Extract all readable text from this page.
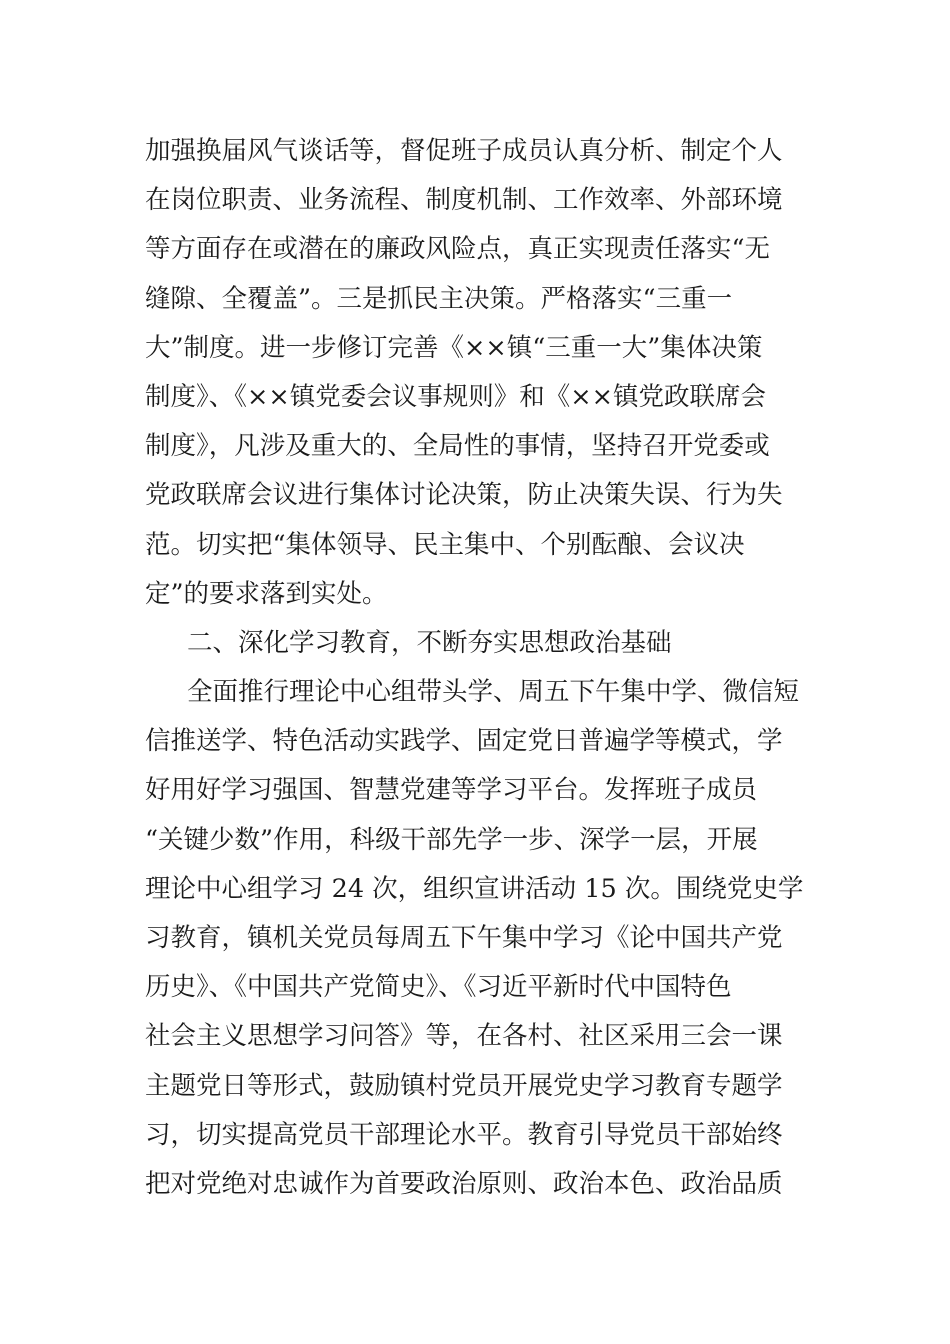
加强换届风气谈话等，督促班子成员认真分析、制定个人
在岗位职责、业务流程、制度机制、工作效率、外部环境
等方面存在或潜在的廉政风险点，真正实现责任落实“无
缝隙、全覆盖”。三是抓民主决策。严格落实“三重一
大”制度。进一步修订完善《××镇“三重一大”集体决策
制度》、《××镇党委会议事规则》和《××镇党政联席会
制度》，凡涉及重大的、全局性的事情，坚持召开党委或
党政联席会议进行集体讨论决策，防止决策失误、行为失
范。切实把“集体领导、民主集中、个别酝酿、会议决
定”的要求落到实处。
二、深化学习教育，不断夯实思想政治基础
全面推行理论中心组带头学、周五下午集中学、微信短
信推送学、特色活动实践学、固定党日普遍学等模式，学
好用好学习强国、智慧党建等学习平台。发挥班子成员
“关键少数”作用，科级干部先学一步、深学一层，开展
理论中心组学习 24 次，组织宣讲活动 15 次。围绕党史学
习教育，镇机关党员每周五下午集中学习《论中国共产党
历史》、《中国共产党简史》、《习近平新时代中国特色
社会主义思想学习问答》等，在各村、社区采用三会一课
主题党日等形式，鼓励镇村党员开展党史学习教育专题学
习，切实提高党员干部理论水平。教育引导党员干部始终
把对党绝对忠诚作为首要政治原则、政治本色、政治品质
